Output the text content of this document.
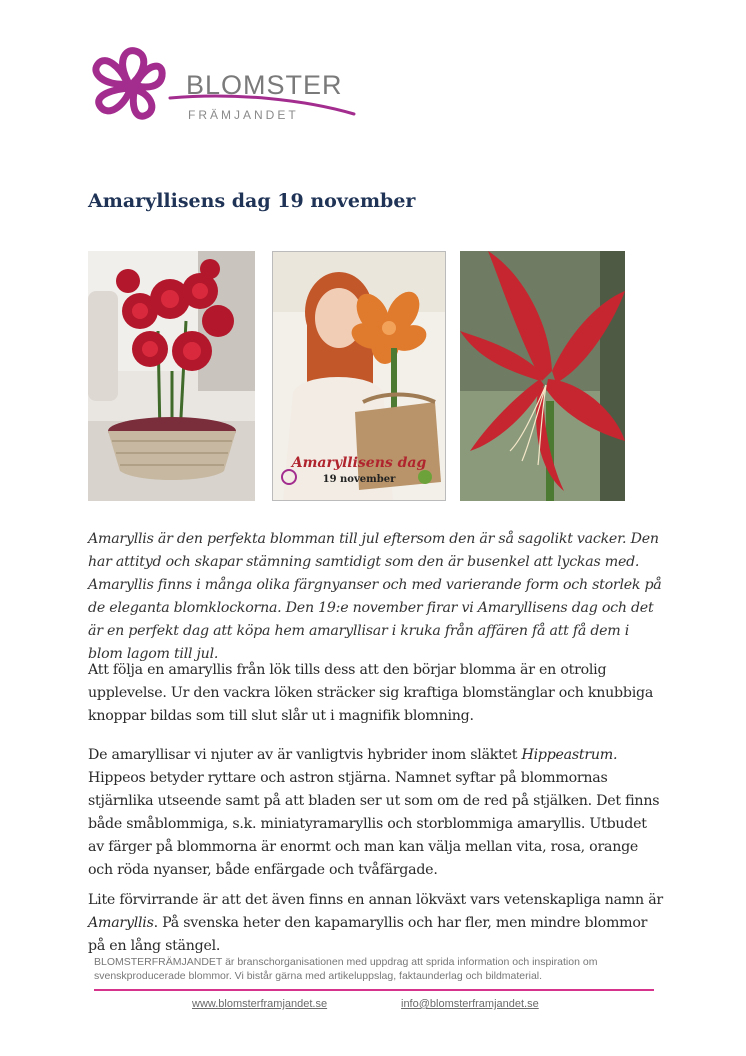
BLOMSTER
FRÄMJANDET
Amaryllisens dag 19 november
Amaryllisens dag
19 november
Amaryllis är den perfekta blomman till jul eftersom den är så sagolikt vacker. Den har attityd och skapar stämning samtidigt som den är busenkel att lyckas med. Amaryllis finns i många olika färgnyanser och med varierande form och storlek på de eleganta blomklockorna. Den 19:e november firar vi Amaryllisens dag och det är en perfekt dag att köpa hem amaryllisar i kruka från affären få att få dem i blom lagom till jul.
Att följa en amaryllis från lök tills dess att den börjar blomma är en otrolig upplevelse. Ur den vackra löken sträcker sig kraftiga blomstänglar och knubbiga knoppar bildas som till slut slår ut i magnifik blomning.
De amaryllisar vi njuter av är vanligtvis hybrider inom släktet Hippeastrum. Hippeos betyder ryttare och astron stjärna. Namnet syftar på blommornas stjärnlika utseende samt på att bladen ser ut som om de red på stjälken. Det finns både småblommiga, s.k. miniatyramaryllis och storblommiga amaryllis. Utbudet av färger på blommorna är enormt och man kan välja mellan vita, rosa, orange och röda nyanser, både enfärgade och tvåfärgade.
Lite förvirrande är att det även finns en annan lökväxt vars vetenskapliga namn är Amaryllis. På svenska heter den kapamaryllis och har fler, men mindre blommor på en lång stängel.
BLOMSTERFRÄMJANDET är branschorganisationen med uppdrag att sprida information och inspiration om svenskproducerade blommor. Vi bistår gärna med artikeluppslag, faktaunderlag och bildmaterial.
www.blomsterframjandet.se	info@blomsterframjandet.se
